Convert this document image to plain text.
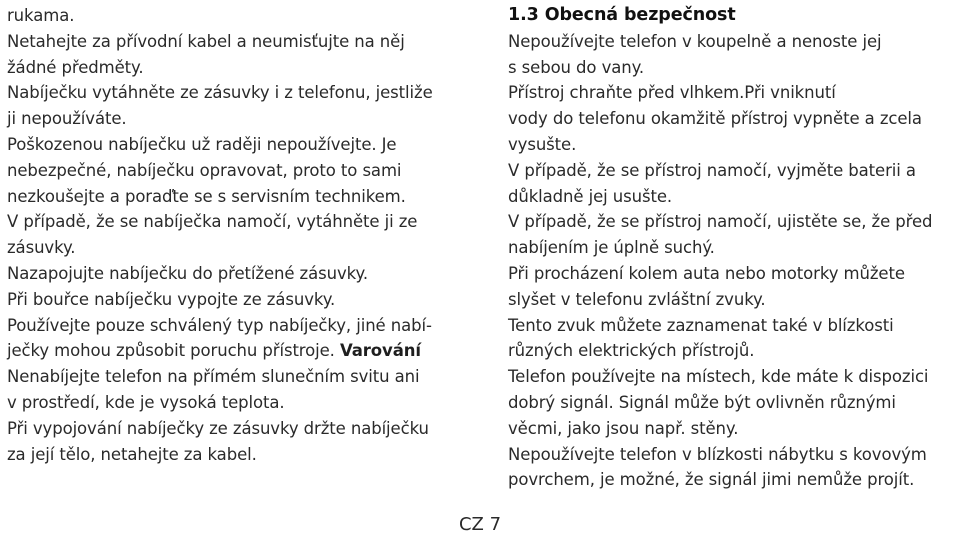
rukama.
Netahejte za přívodní kabel a neumisťujte na něj
žádné předměty.
Nabíječku vytáhněte ze zásuvky i z telefonu, jestliže
ji nepoužíváte.
Poškozenou nabíječku už raději nepoužívejte. Je
nebezpečné, nabíječku opravovat, proto to sami
nezkoušejte a poraďte se s servisním technikem.
V případě, že se nabíječka namočí, vytáhněte ji ze
zásuvky.
Nazapojujte nabíječku do přetížené zásuvky.
Při bouřce nabíječku vypojte ze zásuvky.
Používejte pouze schválený typ nabíječky, jiné nabí-
ječky mohou způsobit poruchu přístroje. Varování
Nenabíjejte telefon na přímém slunečním svitu ani
v prostředí, kde je vysoká teplota.
Při vypojování nabíječky ze zásuvky držte nabíječku
za její tělo, netahejte za kabel.
1.3 Obecná bezpečnost
Nepoužívejte telefon v koupelně a nenoste jej
s sebou do vany.
Přístroj chraňte před vlhkem.Při vniknutí
vody do telefonu okamžitě přístroj vypněte a zcela
vysušte.
V případě, že se přístroj namočí, vyjměte baterii a
důkladně jej usušte.
V případě, že se přístroj namočí, ujistěte se, že před
nabíjením je úplně suchý.
Při procházení kolem auta nebo motorky můžete
slyšet v telefonu zvláštní zvuky.
Tento zvuk můžete zaznamenat také v blízkosti
různých elektrických přístrojů.
Telefon používejte na místech, kde máte k dispozici
dobrý signál. Signál může být ovlivněn různými
věcmi, jako jsou např. stěny.
Nepoužívejte telefon v blízkosti nábytku s kovovým
povrchem, je možné, že signál jimi nemůže projít.
CZ 7
